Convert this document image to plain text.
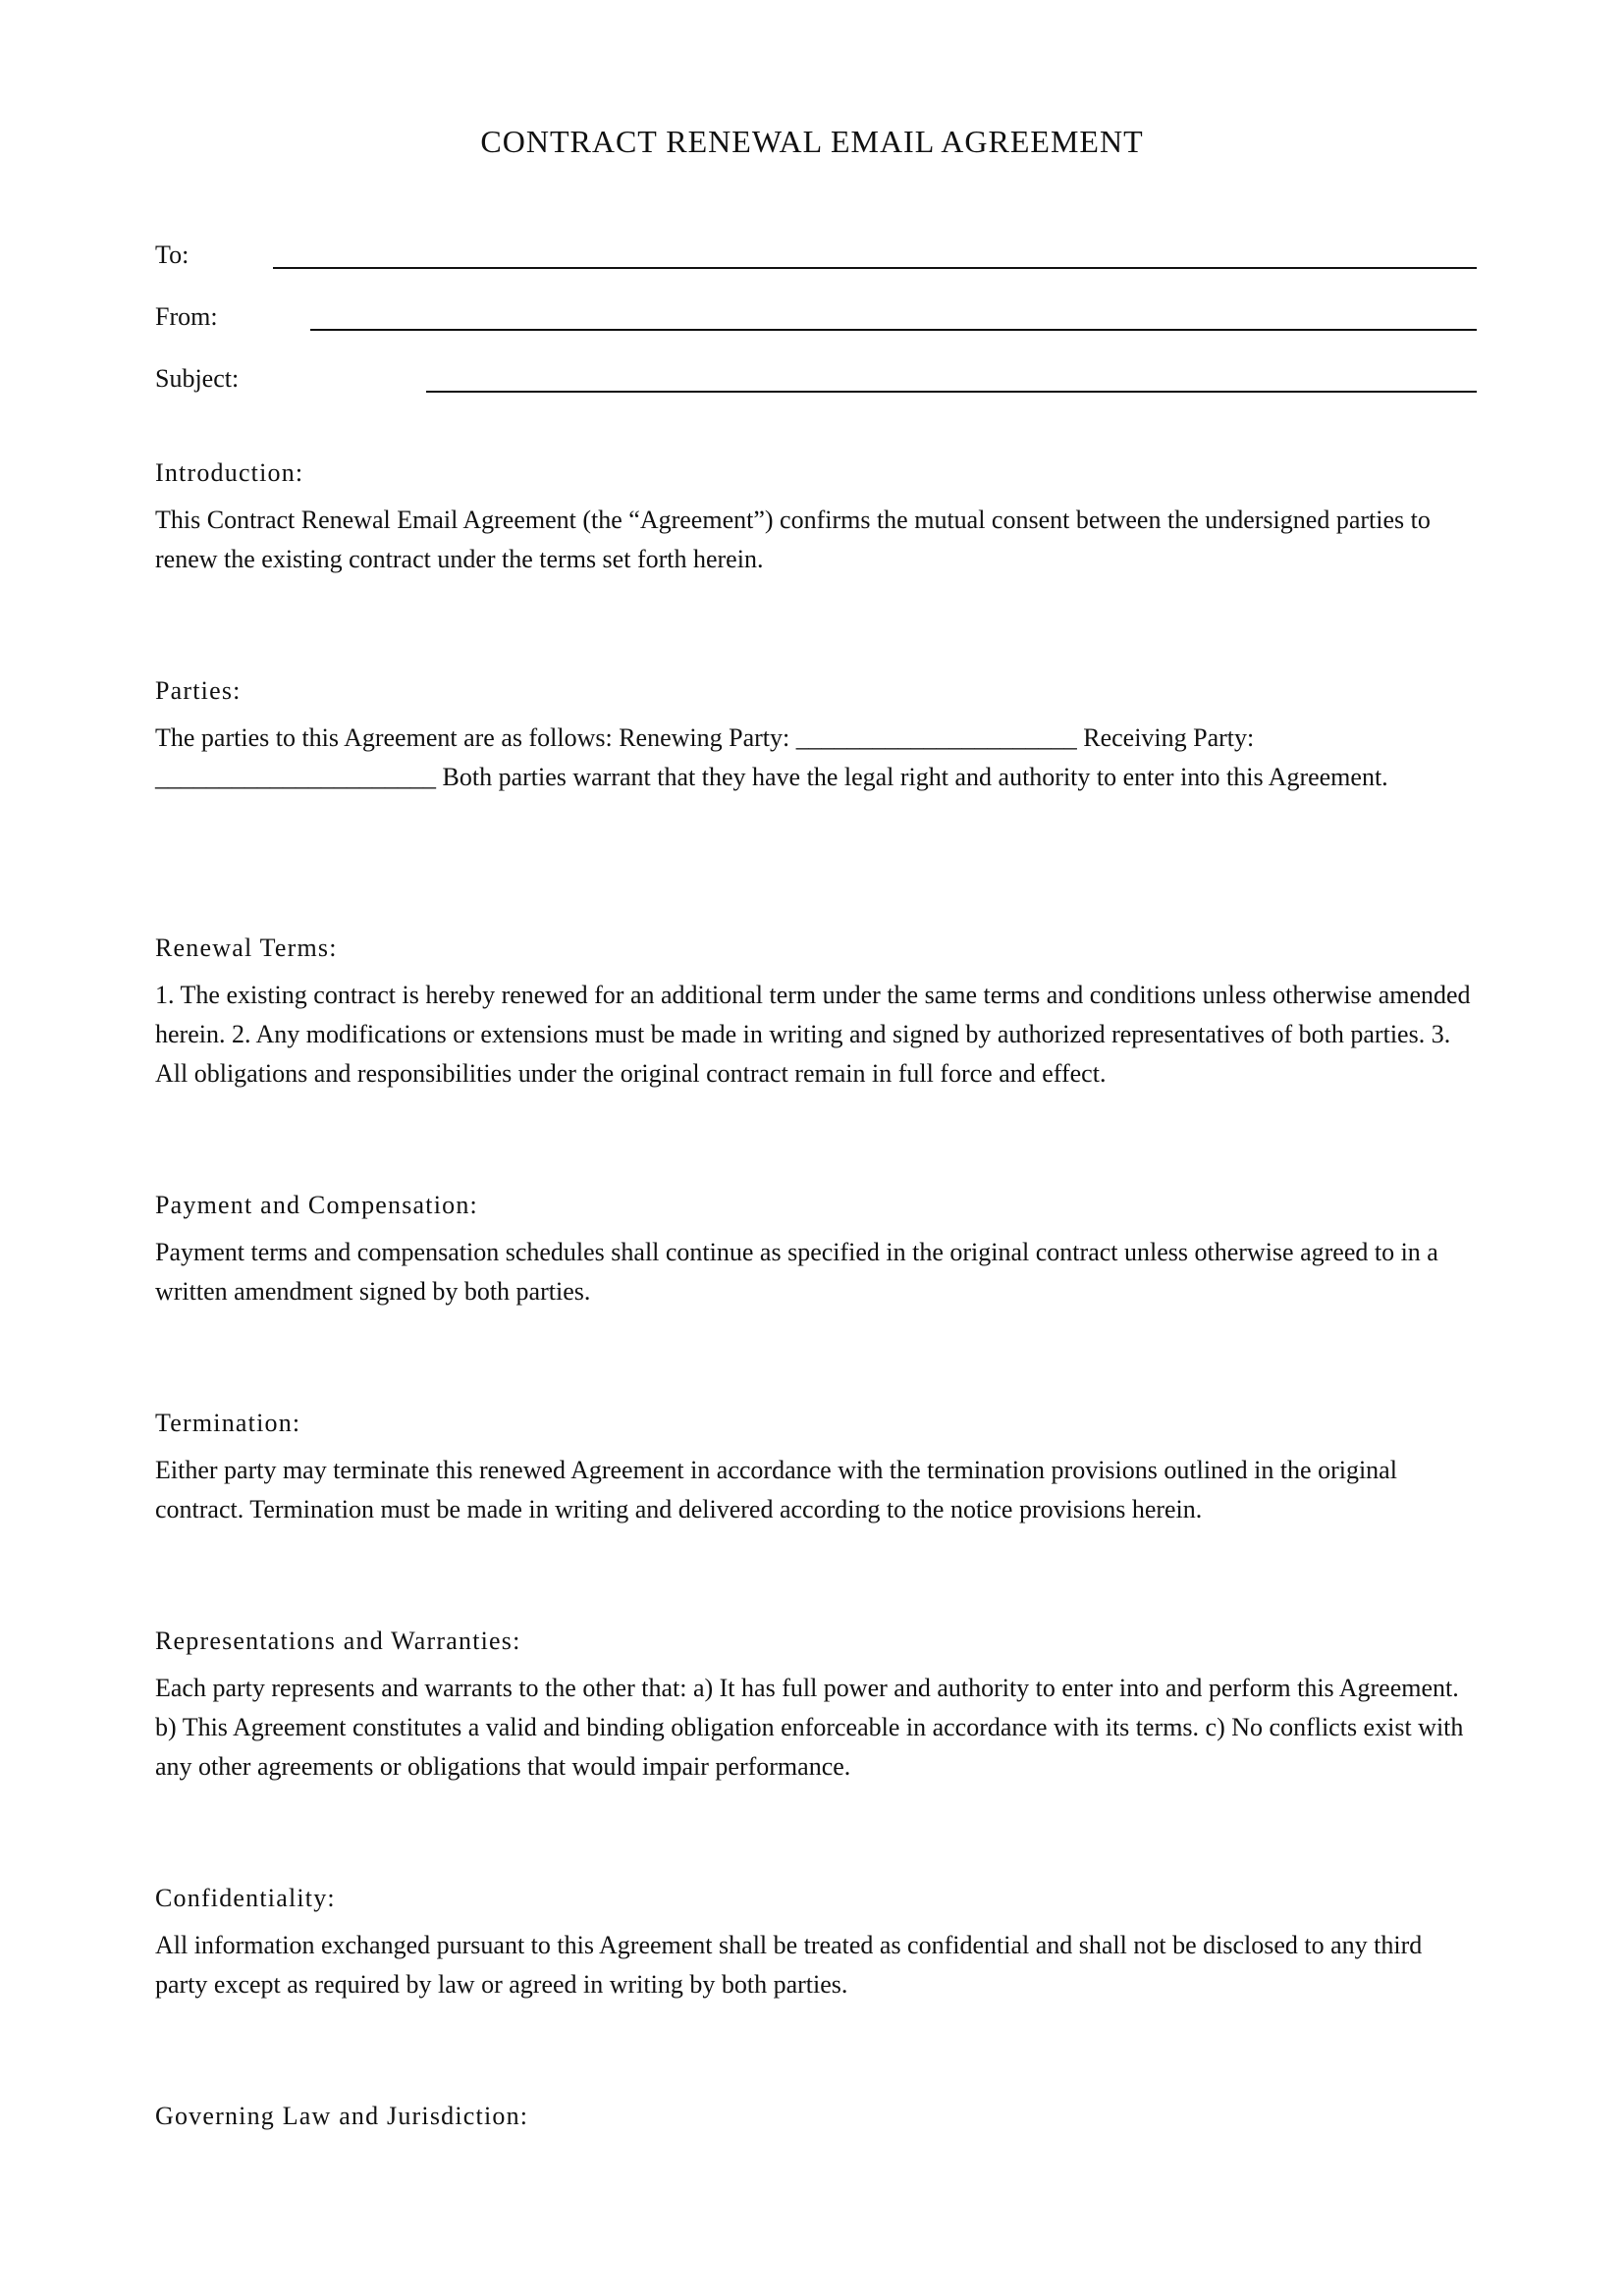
CONTRACT RENEWAL EMAIL AGREEMENT
To:
From:
Subject:
Introduction:
This Contract Renewal Email Agreement (the “Agreement”) confirms the mutual consent between the undersigned parties to renew the existing contract under the terms set forth herein.
Parties:
The parties to this Agreement are as follows: Renewing Party: ______________________ Receiving Party: ______________________ Both parties warrant that they have the legal right and authority to enter into this Agreement.
Renewal Terms:
1. The existing contract is hereby renewed for an additional term under the same terms and conditions unless otherwise amended herein. 2. Any modifications or extensions must be made in writing and signed by authorized representatives of both parties. 3. All obligations and responsibilities under the original contract remain in full force and effect.
Payment and Compensation:
Payment terms and compensation schedules shall continue as specified in the original contract unless otherwise agreed to in a written amendment signed by both parties.
Termination:
Either party may terminate this renewed Agreement in accordance with the termination provisions outlined in the original contract. Termination must be made in writing and delivered according to the notice provisions herein.
Representations and Warranties:
Each party represents and warrants to the other that: a) It has full power and authority to enter into and perform this Agreement. b) This Agreement constitutes a valid and binding obligation enforceable in accordance with its terms. c) No conflicts exist with any other agreements or obligations that would impair performance.
Confidentiality:
All information exchanged pursuant to this Agreement shall be treated as confidential and shall not be disclosed to any third party except as required by law or agreed in writing by both parties.
Governing Law and Jurisdiction:
